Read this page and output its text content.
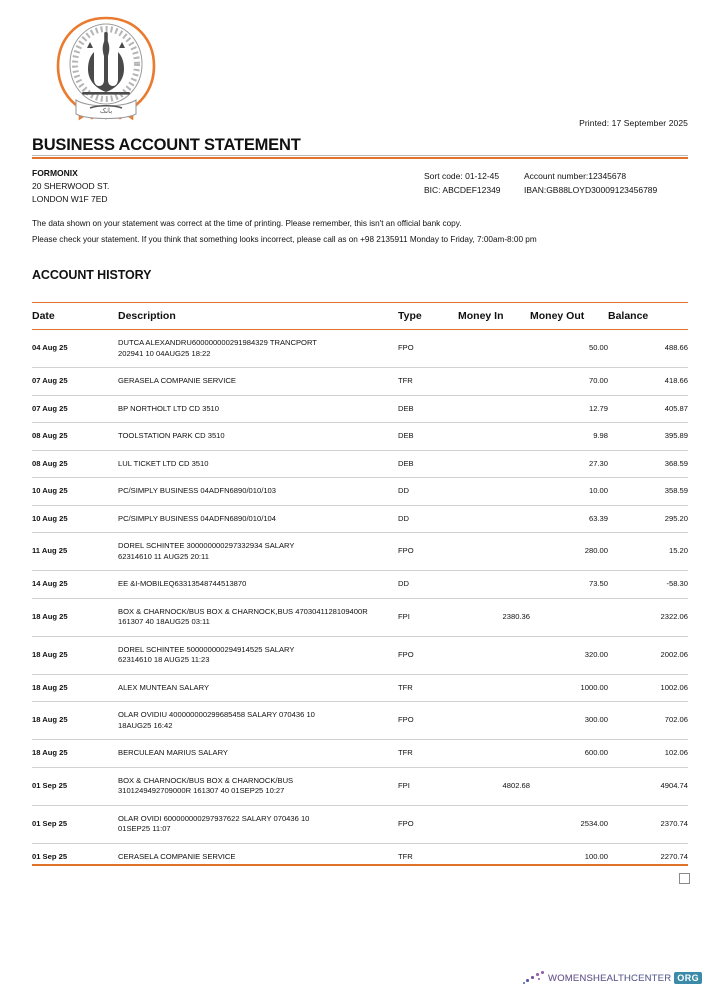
بانک
Printed: 17 September 2025
BUSINESS ACCOUNT STATEMENT
FORMONIX
20 SHERWOOD ST.
LONDON W1F 7ED
Sort code: 01-12-45	Account number:12345678
BIC: ABCDEF12349	IBAN:GB88LOYD30009123456789
The data shown on your statement was correct at the time of printing. Please remember, this isn't an official bank copy.
Please check your statement. If you think that something looks incorrect, please call as on +98 2135911 Monday to Friday, 7:00am-8:00 pm
ACCOUNT HISTORY
Date	Description	Type	Money In	Money Out	Balance
04 Aug 25	DUTCA ALEXANDRU600000000291984329 TRANCPORT
202941 10 04AUG25 18:22	FPO		50.00	488.66
07 Aug 25	GERASELA COMPANIE SERVICE	TFR		70.00	418.66
07 Aug 25	BP NORTHOLT LTD CD 3510	DEB		12.79	405.87
08 Aug 25	TOOLSTATION PARK CD 3510	DEB		9.98	395.89
08 Aug 25	LUL TICKET LTD CD 3510	DEB		27.30	368.59
10 Aug 25	PC/SIMPLY BUSINESS 04ADFN6890/010/103	DD		10.00	358.59
10 Aug 25	PC/SIMPLY BUSINESS 04ADFN6890/010/104	DD		63.39	295.20
11 Aug 25	DOREL SCHINTEE 300000000297332934 SALARY
62314610 11 AUG25 20:11	FPO		280.00	15.20
14 Aug 25	EE &I-MOBILEQ63313548744513870	DD		73.50	-58.30
18 Aug 25	BOX & CHARNOCK/BUS BOX & CHARNOCK,BUS 4703041128109400R
161307 40 18AUG25 03:11	FPI	2380.36		2322.06
18 Aug 25	DOREL SCHINTEE 500000000294914525 SALARY
62314610 18 AUG25 11:23	FPO		320.00	2002.06
18 Aug 25	ALEX MUNTEAN SALARY	TFR		1000.00	1002.06
18 Aug 25	OLAR OVIDIU 400000000299685458 SALARY 070436 10
18AUG25 16:42	FPO		300.00	702.06
18 Aug 25	BERCULEAN MARIUS SALARY	TFR		600.00	102.06
01 Sep 25	BOX & CHARNOCK/BUS BOX & CHARNOCK/BUS
3101249492709000R 161307 40 01SEP25 10:27	FPI	4802.68		4904.74
01 Sep 25	OLAR OVIDI 600000000297937622 SALARY 070436 10
01SEP25 11:07	FPO		2534.00	2370.74
01 Sep 25	CERASELA COMPANIE SERVICE	TFR		100.00	2270.74
WOMENSHEALTHCENTER ORG
